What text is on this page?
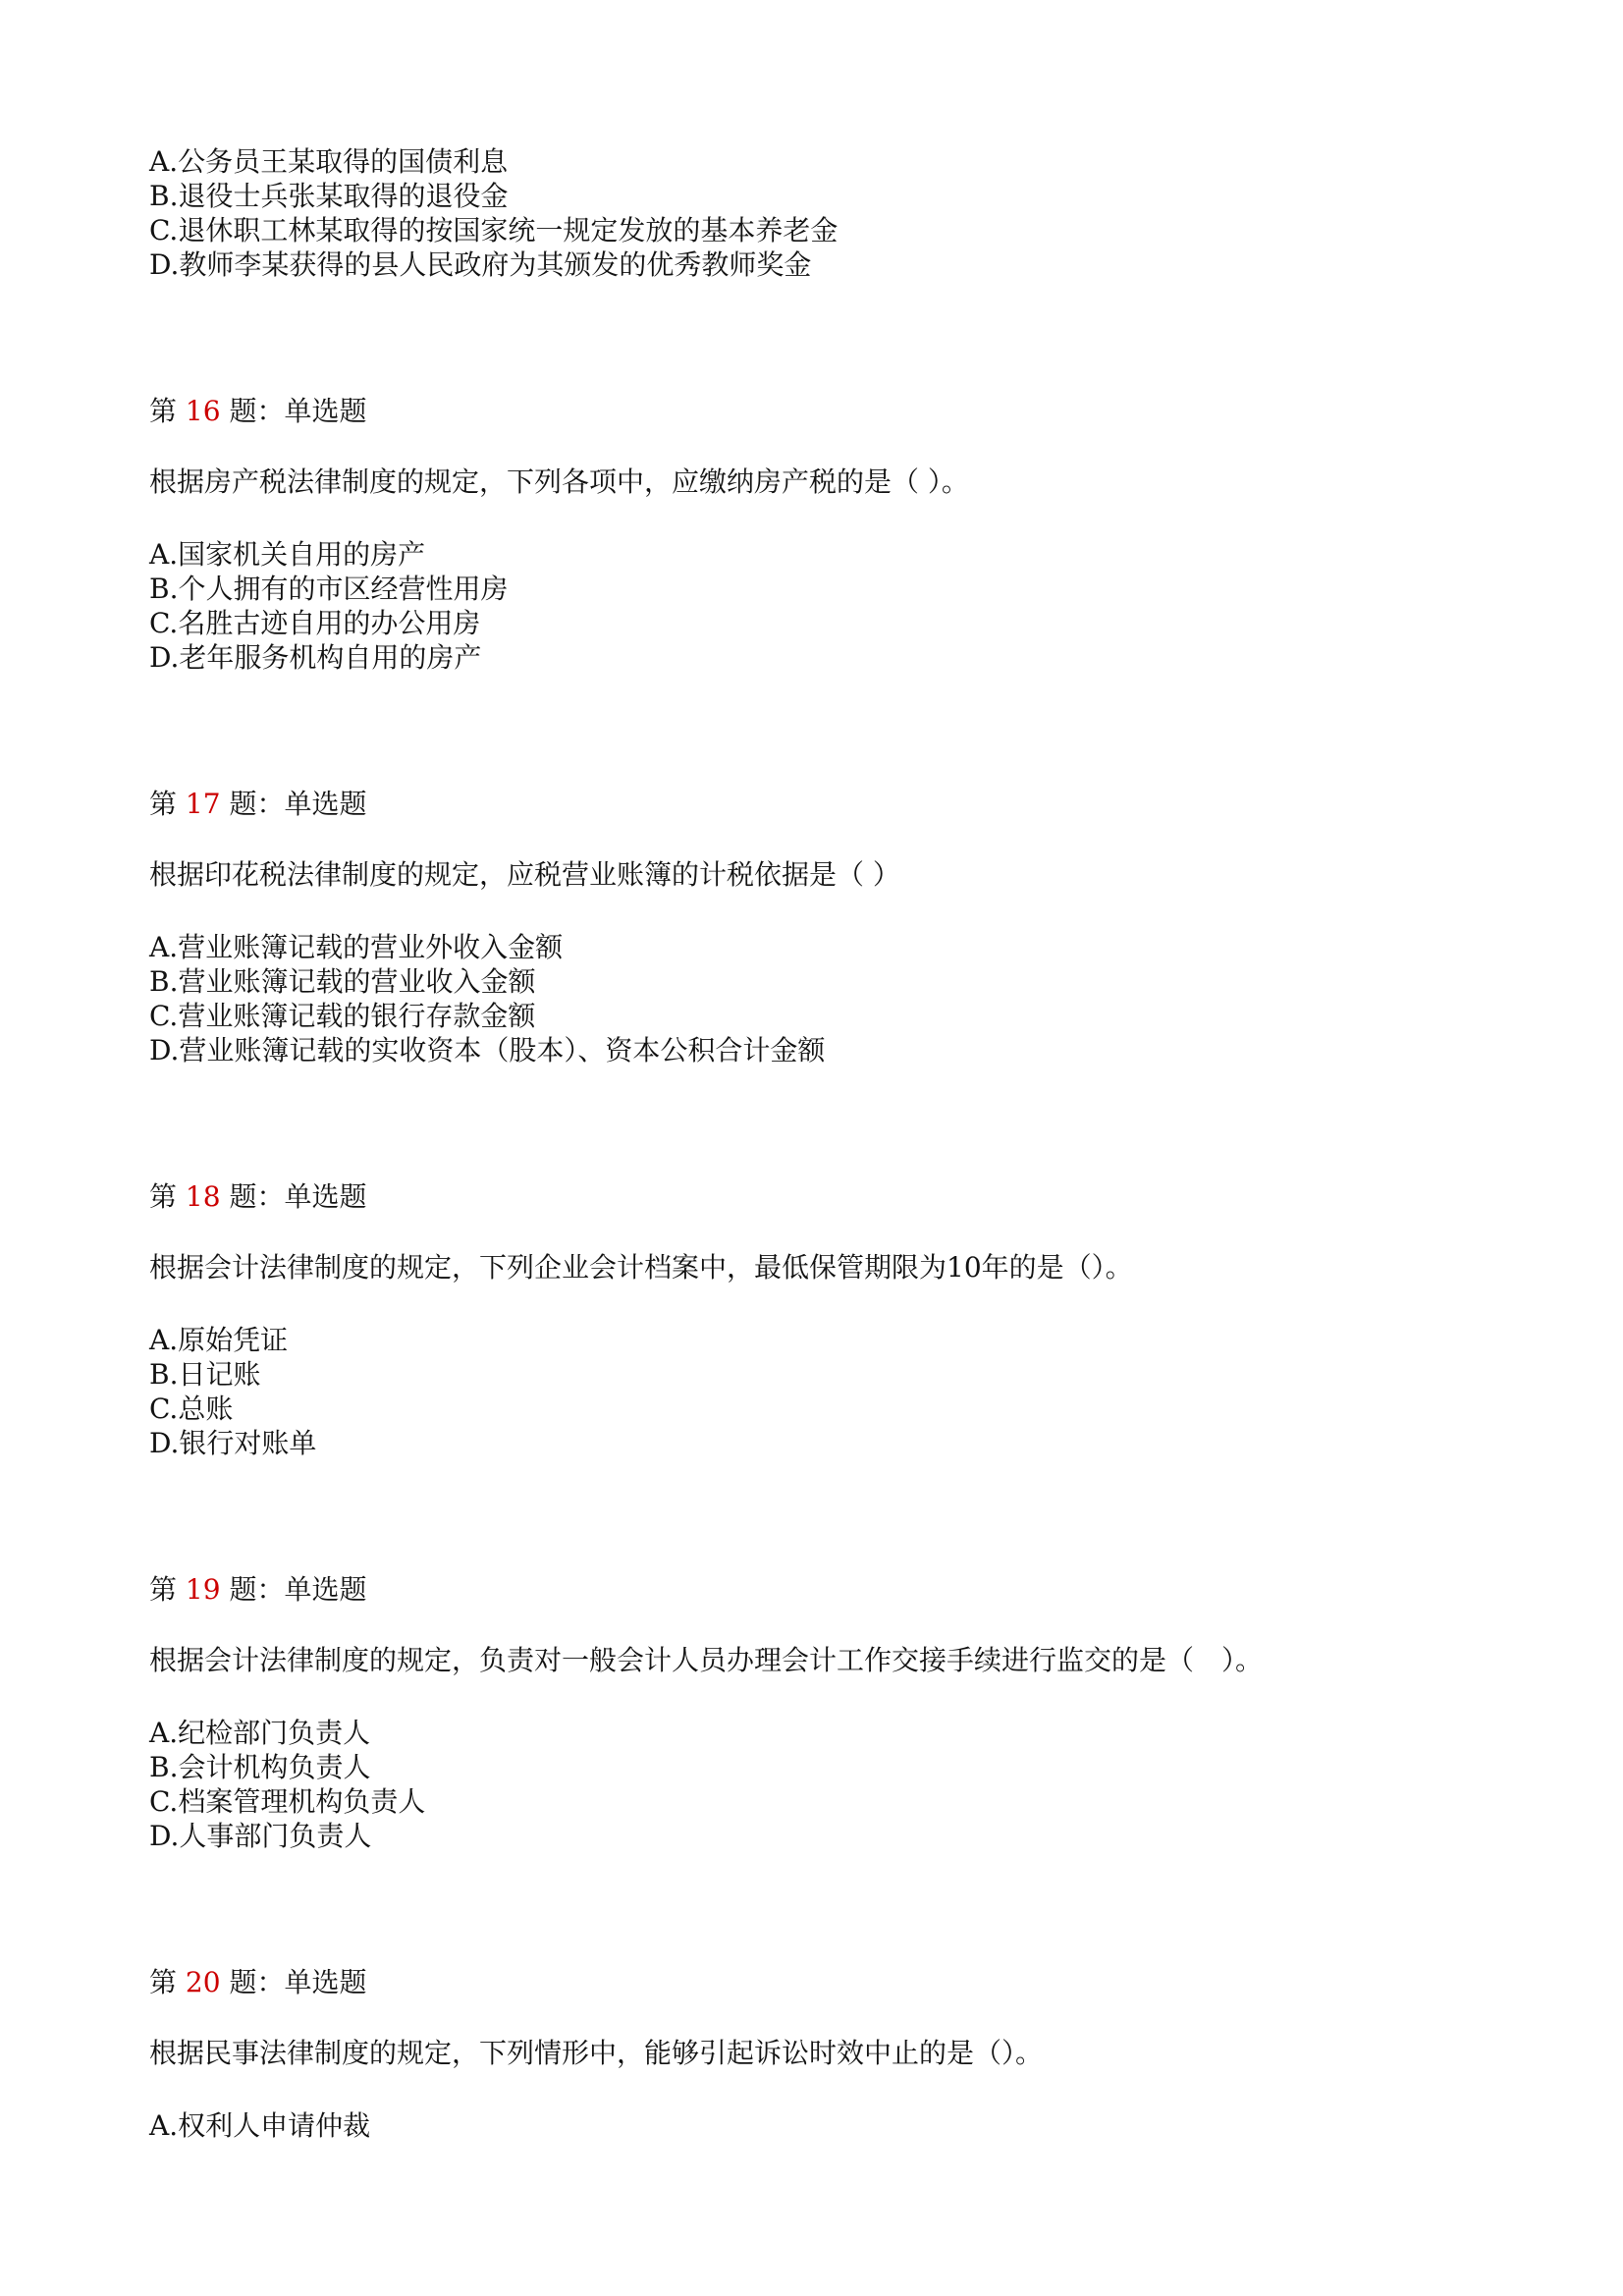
A.公务员王某取得的国债利息
B.退役士兵张某取得的退役金
C.退休职工林某取得的按国家统一规定发放的基本养老金
D.教师李某获得的县人民政府为其颁发的优秀教师奖金
第 16 题：单选题
根据房产税法律制度的规定，下列各项中，应缴纳房产税的是（ ）。
A.国家机关自用的房产
B.个人拥有的市区经营性用房
C.名胜古迹自用的办公用房
D.老年服务机构自用的房产
第 17 题：单选题
根据印花税法律制度的规定，应税营业账簿的计税依据是（ ）
A.营业账簿记载的营业外收入金额
B.营业账簿记载的营业收入金额
C.营业账簿记载的银行存款金额
D.营业账簿记载的实收资本（股本）、资本公积合计金额
第 18 题：单选题
根据会计法律制度的规定，下列企业会计档案中，最低保管期限为10年的是（）。
A.原始凭证
B.日记账
C.总账
D.银行对账单
第 19 题：单选题
根据会计法律制度的规定，负责对一般会计人员办理会计工作交接手续进行监交的是（　）。
A.纪检部门负责人
B.会计机构负责人
C.档案管理机构负责人
D.人事部门负责人
第 20 题：单选题
根据民事法律制度的规定，下列情形中，能够引起诉讼时效中止的是（）。
A.权利人申请仲裁
